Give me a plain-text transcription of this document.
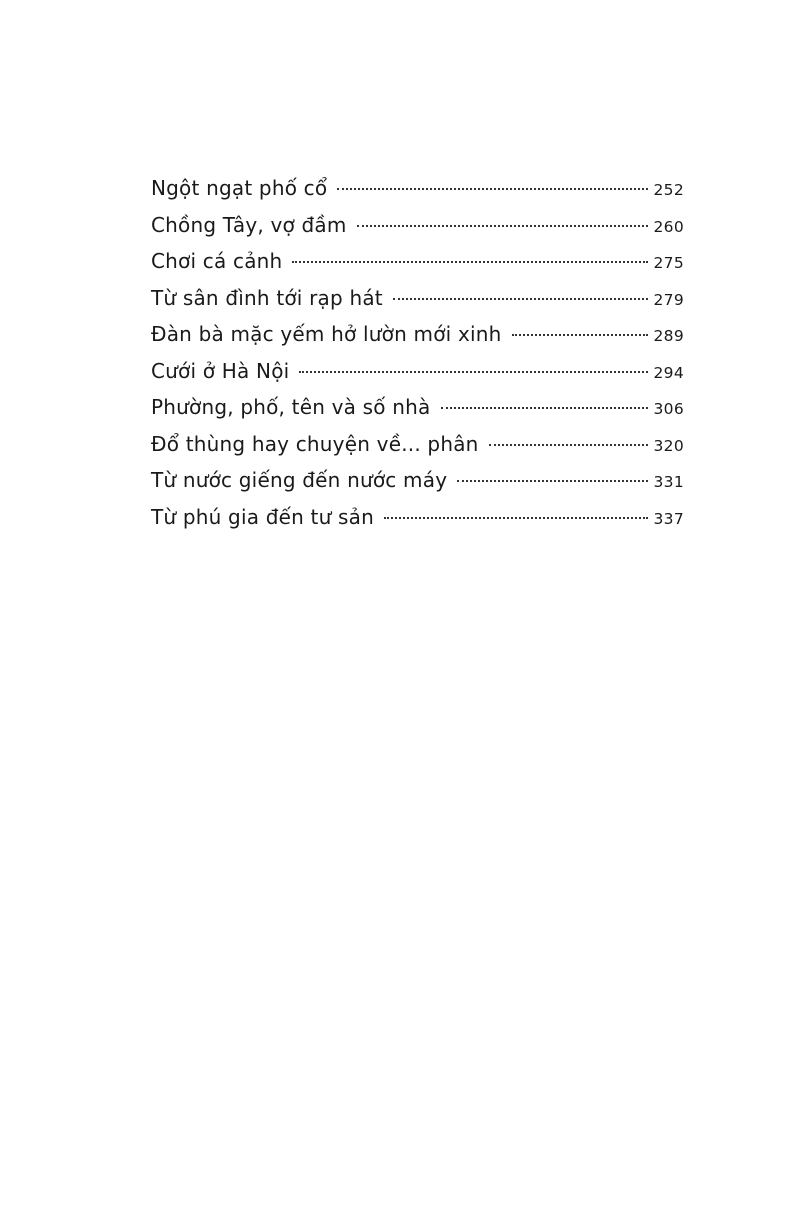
Ngột ngạt phố cổ	252
Chồng Tây, vợ đầm	260
Chơi cá cảnh	275
Từ sân đình tới rạp hát	279
Đàn bà mặc yếm hở lườn mới xinh	289
Cưới ở Hà Nội	294
Phường, phố, tên và số nhà	306
Đổ thùng hay chuyện về... phân	320
Từ nước giếng đến nước máy	331
Từ phú gia đến tư sản	337
